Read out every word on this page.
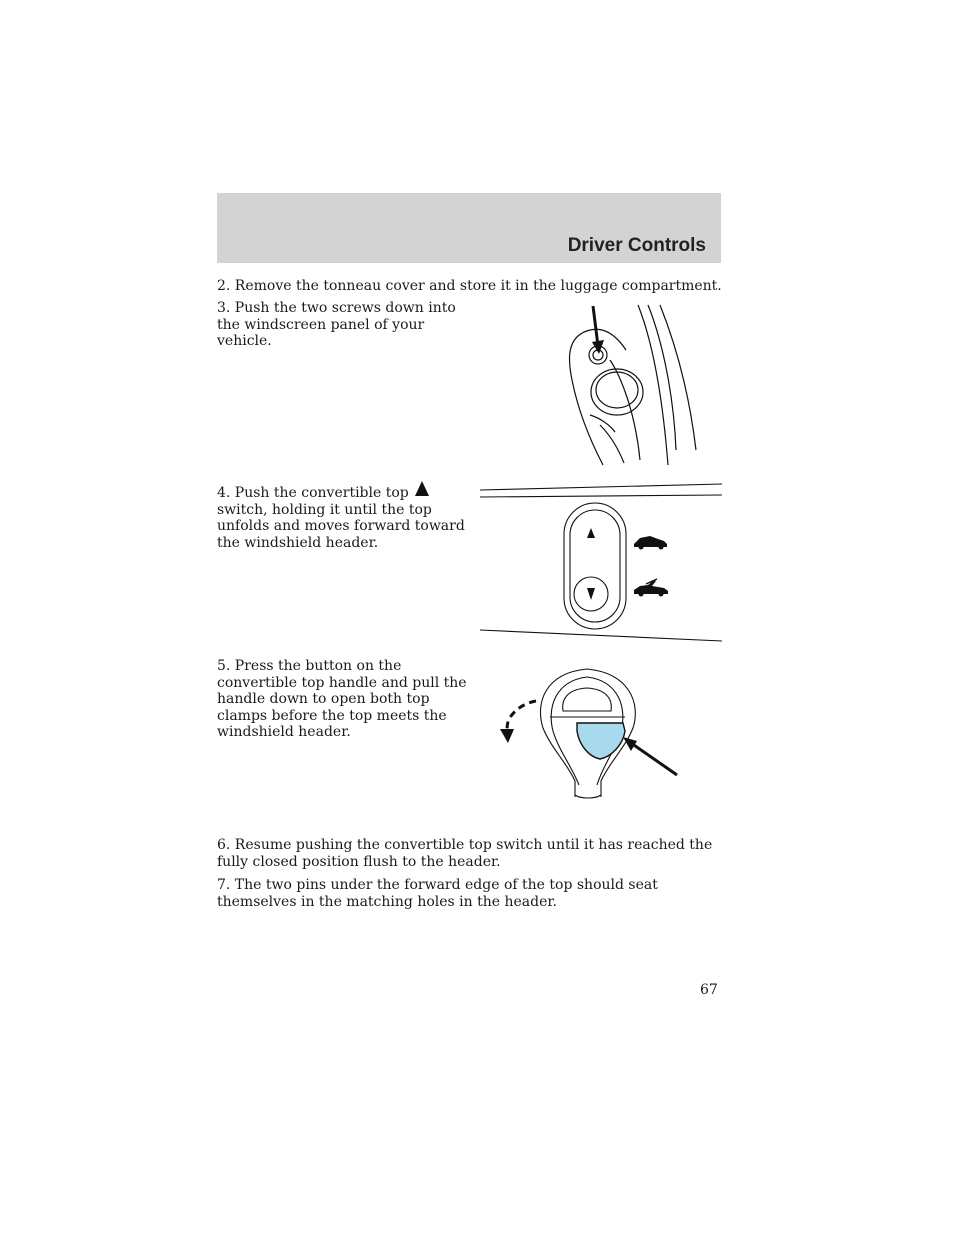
Driver Controls

2. Remove the tonneau cover and store it in the luggage compartment.

3. Push the two screws down into
the windscreen panel of your
vehicle.
4. Push the convertible top
switch, holding it until the top
unfolds and moves forward toward
the windshield header.
5. Press the button on the
convertible top handle and pull the
handle down to open both top
clamps before the top meets the
windshield header.
6. Resume pushing the convertible top switch until it has reached the
fully closed position flush to the header.
7. The two pins under the forward edge of the top should seat
themselves in the matching holes in the header.
67
